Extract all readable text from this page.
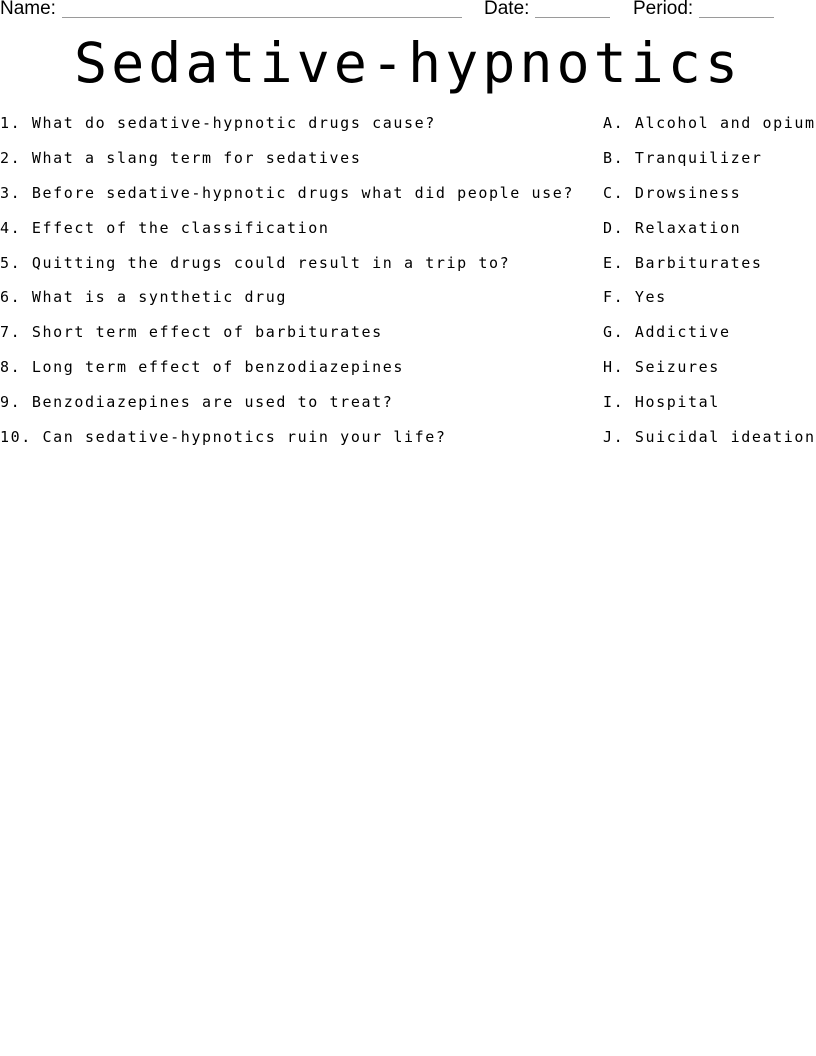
Name:	Date:	Period:
Sedative-hypnotics
1. What do sedative-hypnotic drugs cause?
2. What a slang term for sedatives
3. Before sedative-hypnotic drugs what did people use?
4. Effect of the classification
5. Quitting the drugs could result in a trip to?
6. What is a synthetic drug
7. Short term effect of barbiturates
8. Long term effect of benzodiazepines
9. Benzodiazepines are used to treat?
10. Can sedative-hypnotics ruin your life?
A. Alcohol and opium
B. Tranquilizer
C. Drowsiness
D. Relaxation
E. Barbiturates
F. Yes
G. Addictive
H. Seizures
I. Hospital
J. Suicidal ideation
